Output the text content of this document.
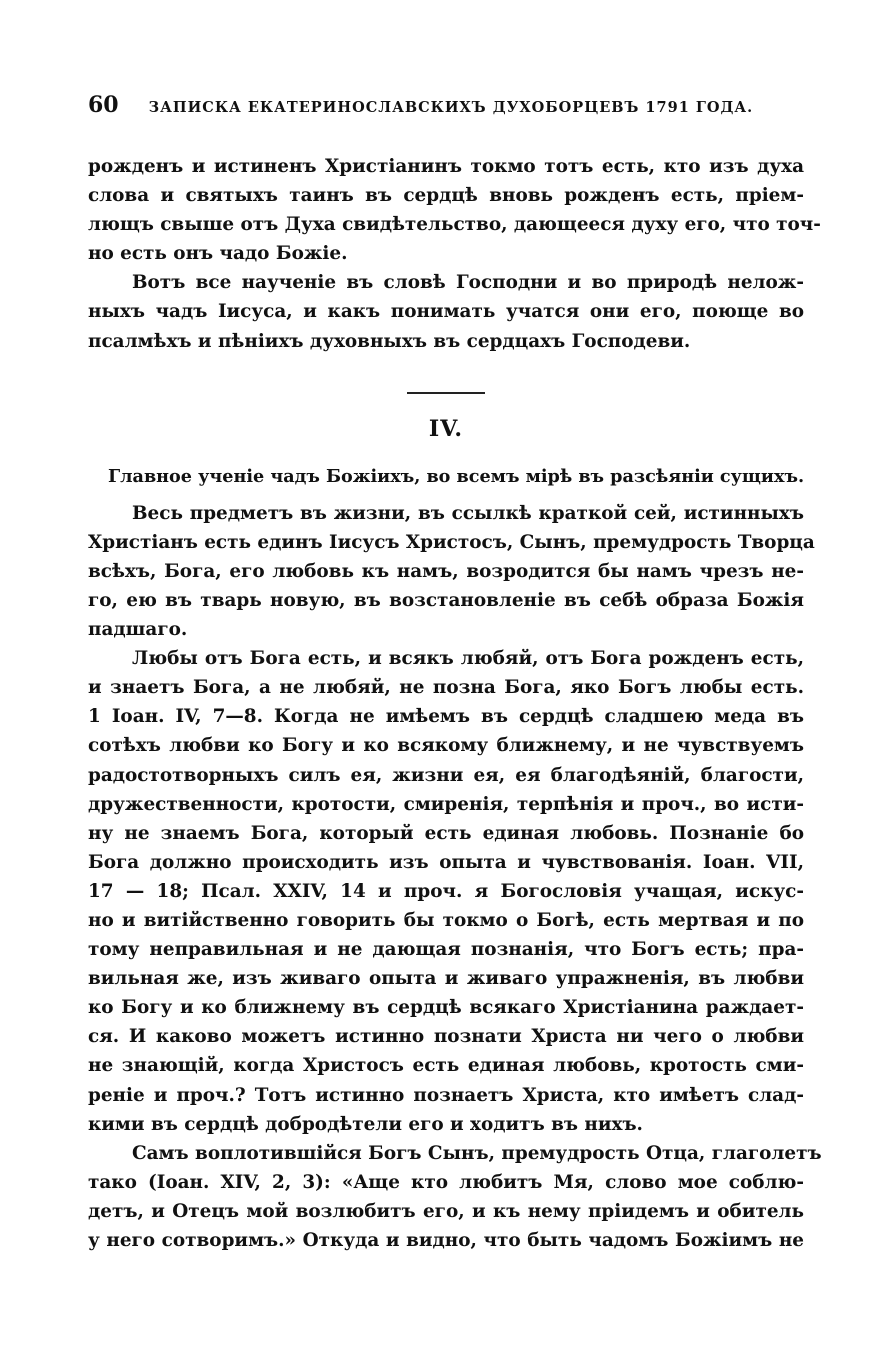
60 ЗАПИСКА ЕКАТЕРИНОСЛАВСКИХЪ ДУХОБОРЦЕВЪ 1791 ГОДА.

рожденъ и истиненъ Христіанинъ токмо тотъ есть, кто изъ духа
слова и святыхъ таинъ въ сердцѣ вновь рожденъ есть, пріем-
лющъ свыше отъ Духа свидѣтельство, дающееся духу его, что точ-
но есть онъ чадо Божіе.

Вотъ все наученіе въ словѣ Господни и во природѣ нелож-
ныхъ чадъ Іисуса, и какъ понимать учатся они его, поюще во
псалмѣхъ и пѣніихъ духовныхъ въ сердцахъ Господеви.

IV.
Главное ученіе чадъ Божіихъ, во всемъ мірѣ въ разсѣяніи сущихъ.

Весь предметъ въ жизни, въ ссылкѣ краткой сей, истинныхъ
Христіанъ есть единъ Іисусъ Христосъ, Сынъ, премудрость Творца
всѣхъ, Бога, его любовь къ намъ, возродится бы намъ чрезъ не-
го, ею въ тварь новую, въ возстановленіе въ себѣ образа Божія
падшаго.

Любы отъ Бога есть, и всякъ любяй, отъ Бога рожденъ есть,
и знаетъ Бога, а не любяй, не позна Бога, яко Богъ любы есть.
1 Іоан. IV, 7—8. Когда не имѣемъ въ сердцѣ сладшею меда въ
сотѣхъ любви ко Богу и ко всякому ближнему, и не чувствуемъ
радостотворныхъ силъ ея, жизни ея, ея благодѣяній, благости,
дружественности, кротости, смиренія, терпѣнія и проч., во исти-
ну не знаемъ Бога, который есть единая любовь. Познаніе бо
Бога должно происходить изъ опыта и чувствованія. Іоан. VII,
17 — 18; Псал. XXIV, 14 и проч. я Богословія учащая, искус-
но и витійственно говорить бы токмо о Богѣ, есть мертвая и по
тому неправильная и не дающая познанія, что Богъ есть; пра-
вильная же, изъ живаго опыта и живаго упражненія, въ любви
ко Богу и ко ближнему въ сердцѣ всякаго Христіанина раждает-
ся. И каково можетъ истинно познати Христа ни чего о любви
не знающій, когда Христосъ есть единая любовь, кротость сми-
реніе и проч.? Тотъ истинно познаетъ Христа, кто имѣетъ слад-
кими въ сердцѣ добродѣтели его и ходитъ въ нихъ.

Самъ воплотившійся Богъ Сынъ, премудрость Отца, глаголетъ
тако (Іоан. XIV, 2, 3): «Аще кто любитъ Мя, слово мое соблю-
детъ, и Отецъ мой возлюбитъ его, и къ нему пріидемъ и обитель
у него сотворимъ.» Откуда и видно, что быть чадомъ Божіимъ не
